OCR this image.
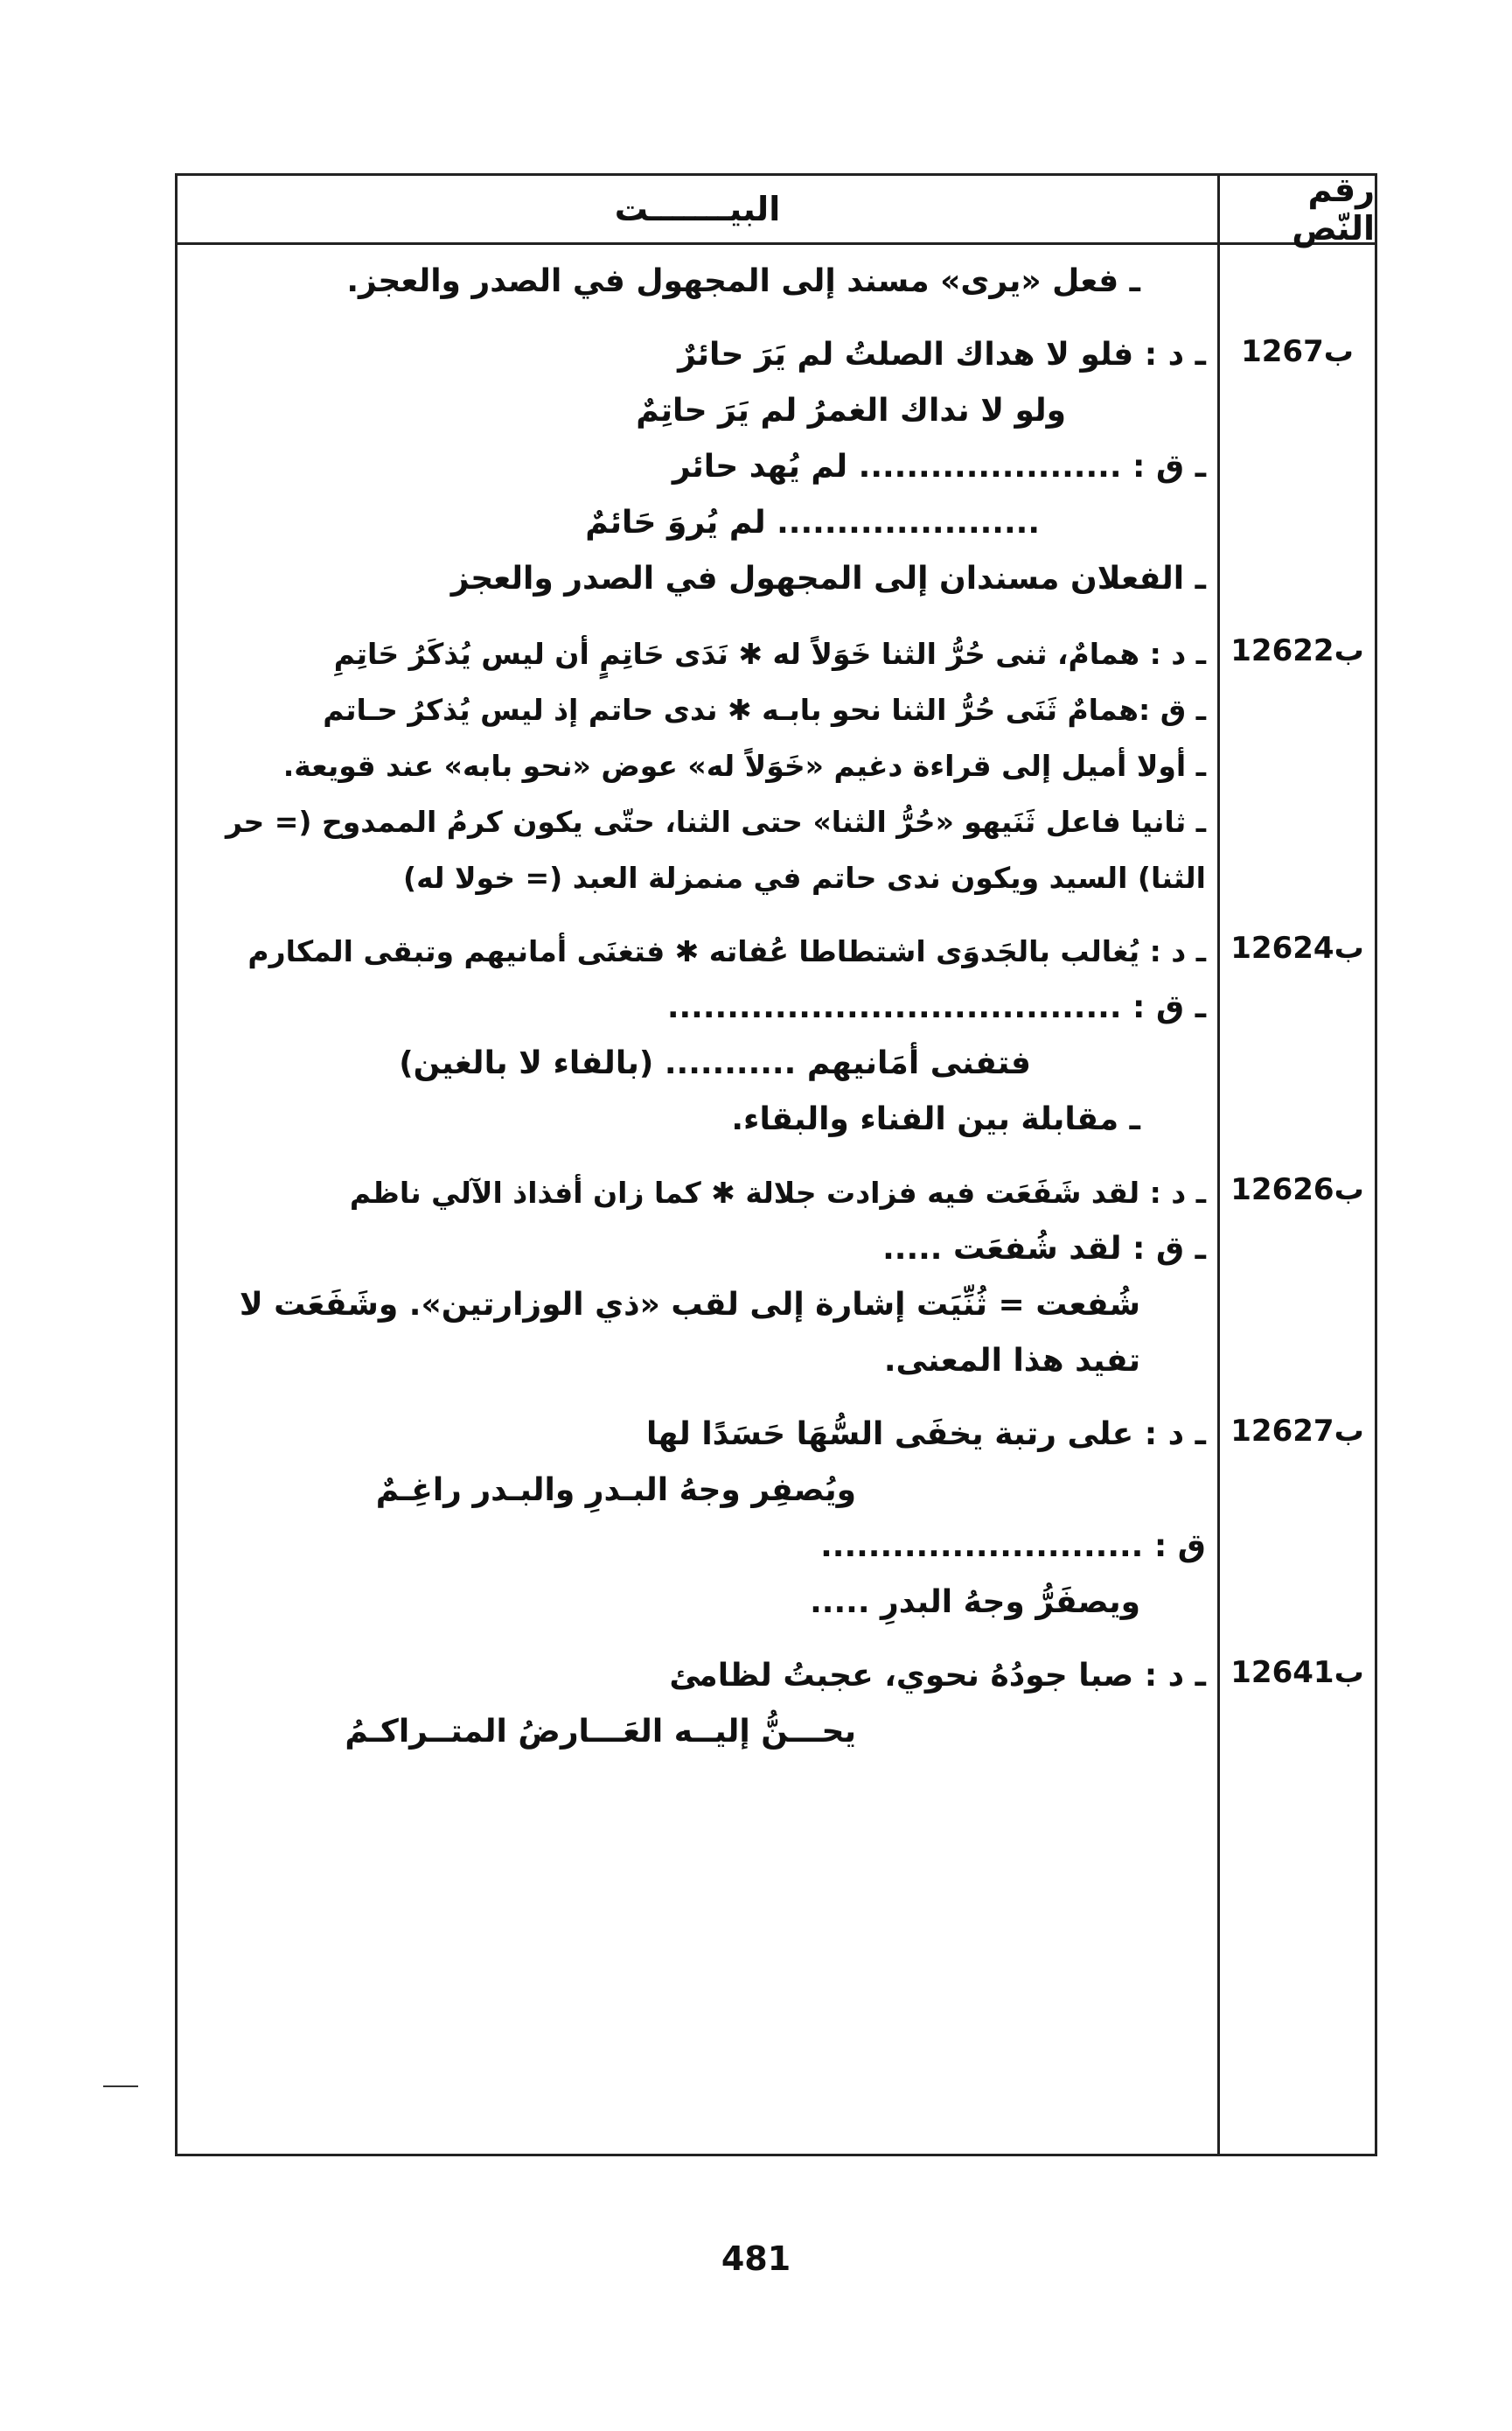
رقم النّص
البيـــــــت
ـ فعل «يرى» مسند إلى المجهول في الصدر والعجز.
126ب7
ـ د : فلو لا هداك الصلتُ لم يَرَ حائرٌ
ولو لا نداك الغمرُ لم يَرَ حاتِمٌ
ـ ق : ...................... لم يُهد حائر
...................... لم يُروَ حَائمٌ
ـ الفعلان مسندان إلى المجهول في الصدر والعجز
126ب22
ـ د : همامٌ، ثنى حُرُّ الثنا خَوَلاً له ✱ نَدَى حَاتِمٍ أن ليس يُذكَرُ حَاتِمِ
ـ ق :همامٌ ثَنَى حُرُّ الثنا نحو بابـه ✱ ندى حاتم إذ ليس يُذكرُ حـاتم
ـ أولا أميل إلى قراءة دغيم «خَوَلاً له» عوض «نحو بابه» عند قويعة.
ـ ثانيا فاعل ثَنَيهو «حُرُّ الثنا» حتى الثنا، حتّى يكون كرمُ الممدوح (= حر الثنا) السيد ويكون ندى حاتم في منمزلة العبد (= خولا له)
126ب24
ـ د : يُغالب بالجَدوَى اشتطاطا عُفاته ✱ فتغنَى أمانيهم وتبقى المكارم
ـ ق : ......................................
فتفنى أمَانيهم ........... (بالفاء لا بالغين)
ـ مقابلة بين الفناء والبقاء.
126ب26
ـ د : لقد شَفَعَت فيه فزادت جلالة ✱ كما زان أفذاذ الآلي ناظم
ـ ق : لقد شُفعَت .....
شُفعت = ثُنِّيَت إشارة إلى لقب «ذي الوزارتين». وشَفَعَت لا تفيد هذا المعنى.
126ب27
ـ د : على رتبة يخفَى السُّهَا حَسَدًا لها
ويُصفِر وجهُ البـدرِ والبـدر راغِـمٌ
ق : ...........................
ويصفَرُّ وجهُ البدرِ .....
126ب41
ـ د : صبا جودُهُ نحوي، عجبتُ لظامئ
يحـــنُّ إليــه العَـــارضُ المتــراكـمُ
481
